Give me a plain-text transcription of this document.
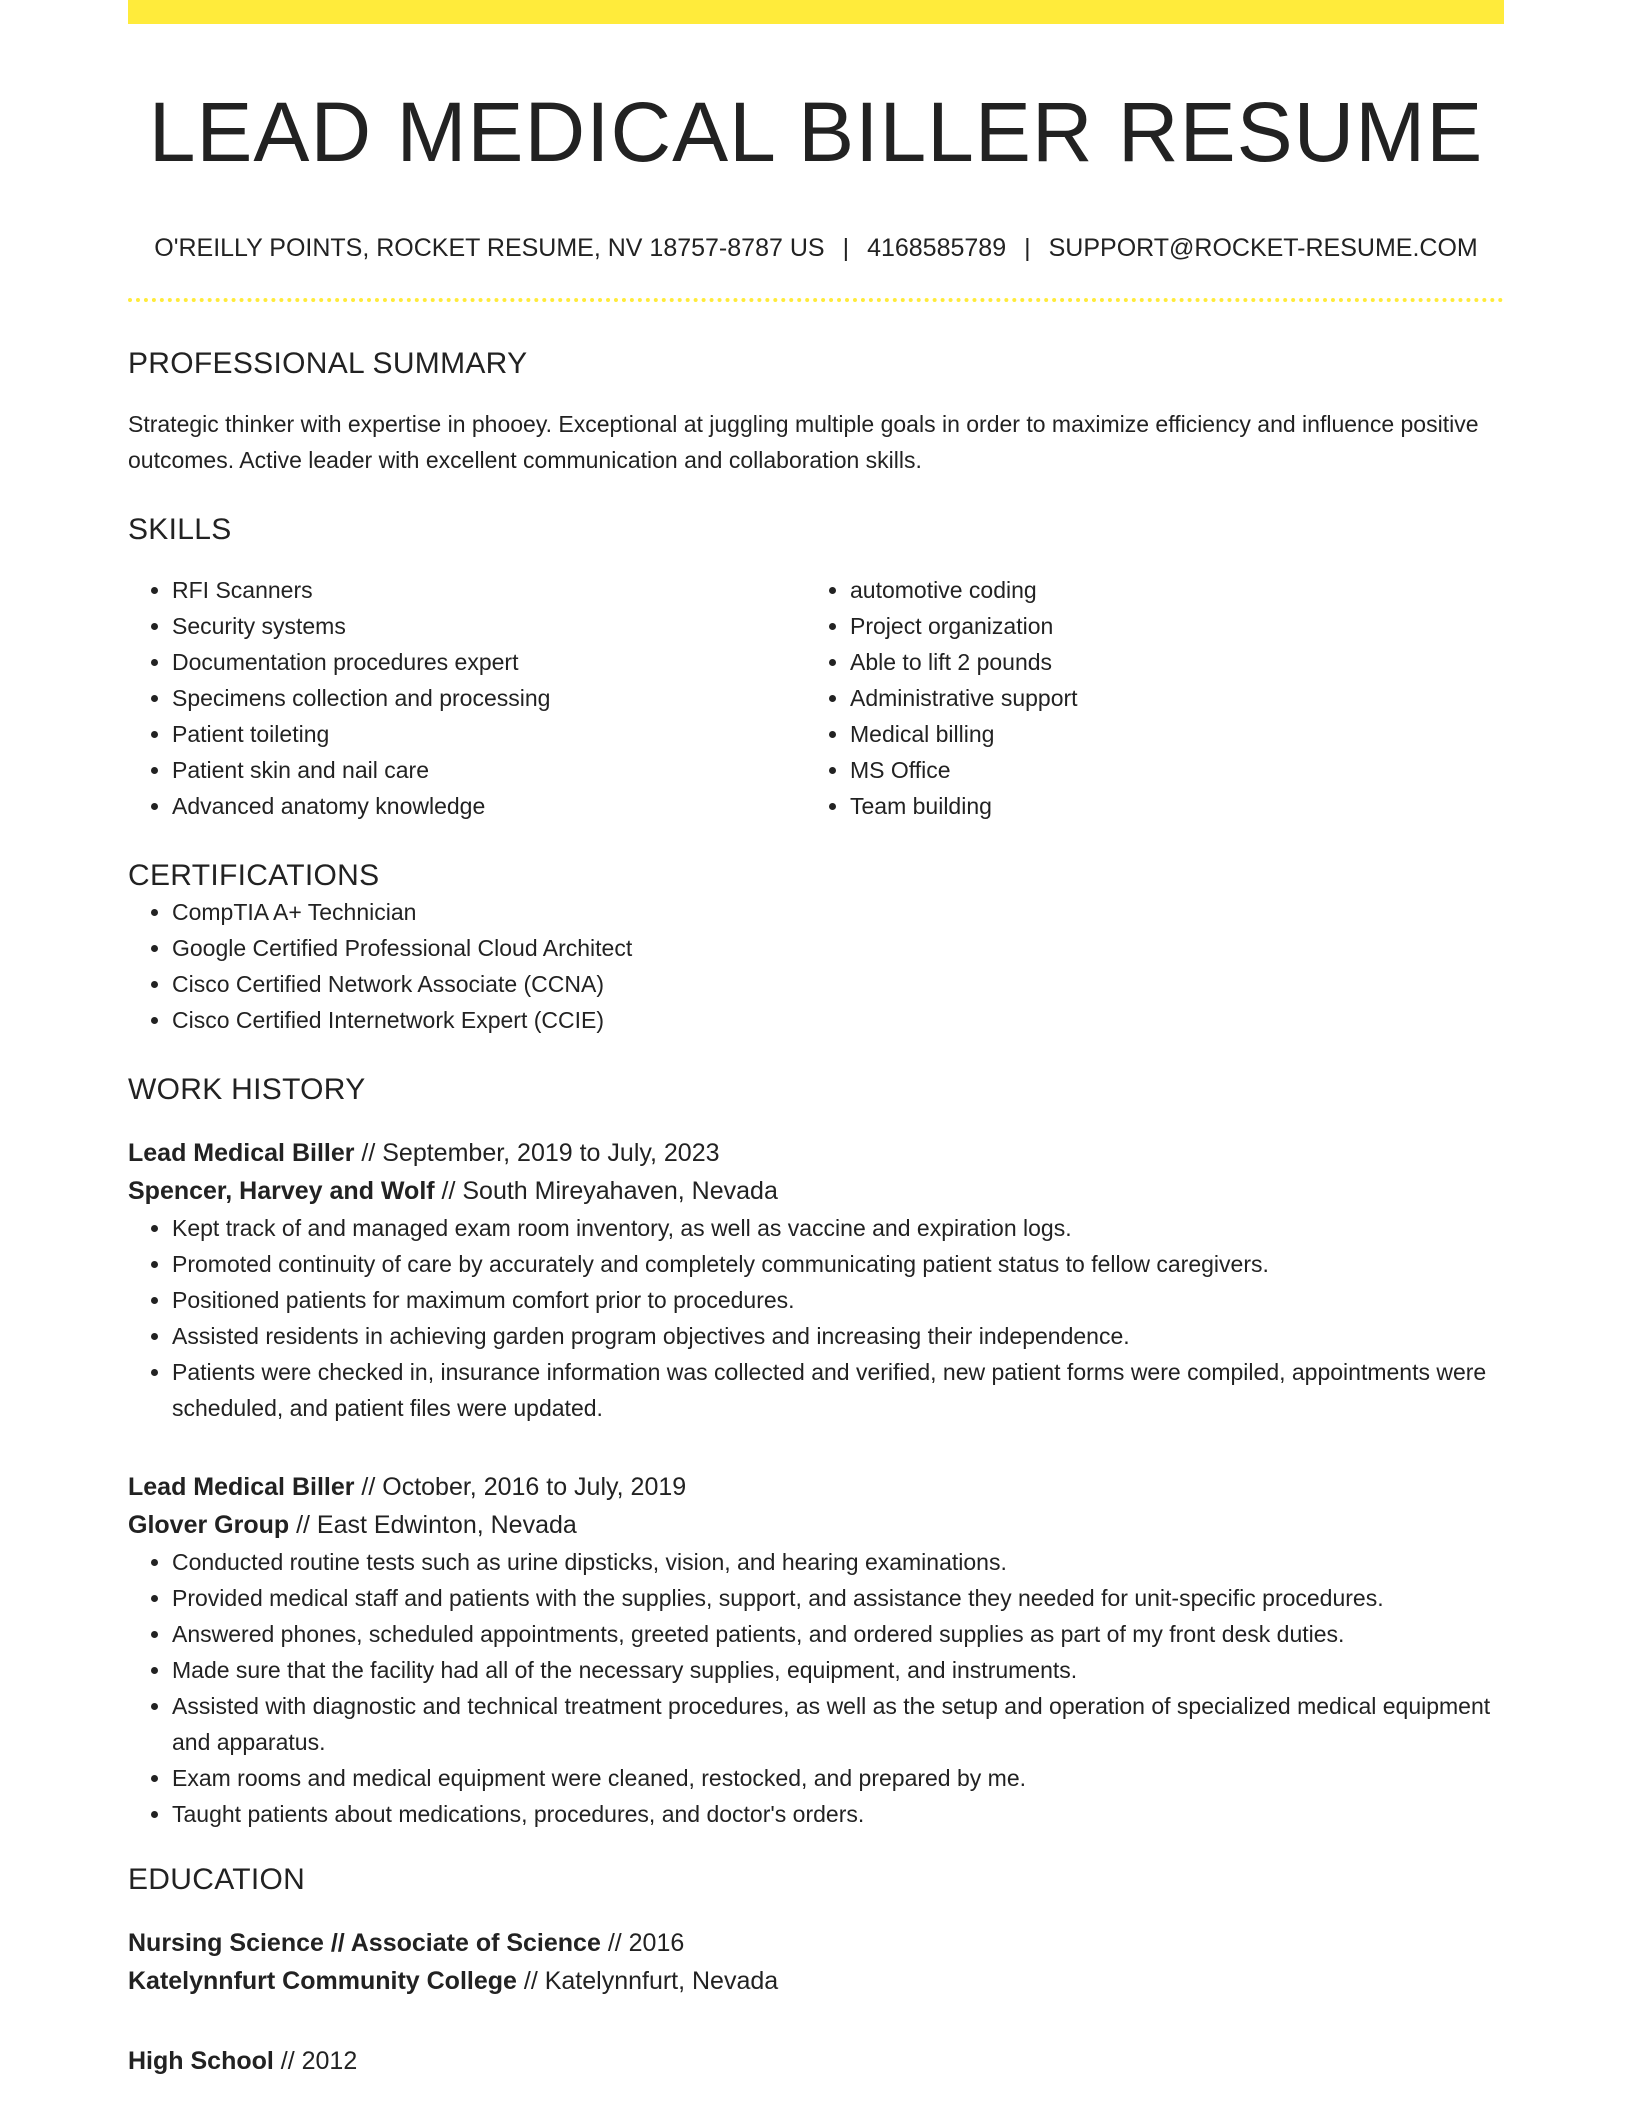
LEAD MEDICAL BILLER RESUME
O'REILLY POINTS, ROCKET RESUME, NV 18757-8787 US | 4168585789 | SUPPORT@ROCKET-RESUME.COM
PROFESSIONAL SUMMARY
Strategic thinker with expertise in phooey. Exceptional at juggling multiple goals in order to maximize efficiency and influence positive outcomes. Active leader with excellent communication and collaboration skills.
SKILLS
• RFI Scanners
• Security systems
• Documentation procedures expert
• Specimens collection and processing
• Patient toileting
• Patient skin and nail care
• Advanced anatomy knowledge
• automotive coding
• Project organization
• Able to lift 2 pounds
• Administrative support
• Medical billing
• MS Office
• Team building
CERTIFICATIONS
• CompTIA A+ Technician
• Google Certified Professional Cloud Architect
• Cisco Certified Network Associate (CCNA)
• Cisco Certified Internetwork Expert (CCIE)
WORK HISTORY
Lead Medical Biller // September, 2019 to July, 2023
Spencer, Harvey and Wolf // South Mireyahaven, Nevada
• Kept track of and managed exam room inventory, as well as vaccine and expiration logs.
• Promoted continuity of care by accurately and completely communicating patient status to fellow caregivers.
• Positioned patients for maximum comfort prior to procedures.
• Assisted residents in achieving garden program objectives and increasing their independence.
• Patients were checked in, insurance information was collected and verified, new patient forms were compiled, appointments were scheduled, and patient files were updated.
Lead Medical Biller // October, 2016 to July, 2019
Glover Group // East Edwinton, Nevada
• Conducted routine tests such as urine dipsticks, vision, and hearing examinations.
• Provided medical staff and patients with the supplies, support, and assistance they needed for unit-specific procedures.
• Answered phones, scheduled appointments, greeted patients, and ordered supplies as part of my front desk duties.
• Made sure that the facility had all of the necessary supplies, equipment, and instruments.
• Assisted with diagnostic and technical treatment procedures, as well as the setup and operation of specialized medical equipment and apparatus.
• Exam rooms and medical equipment were cleaned, restocked, and prepared by me.
• Taught patients about medications, procedures, and doctor's orders.
EDUCATION
Nursing Science // Associate of Science // 2016
Katelynnfurt Community College // Katelynnfurt, Nevada
High School // 2012
